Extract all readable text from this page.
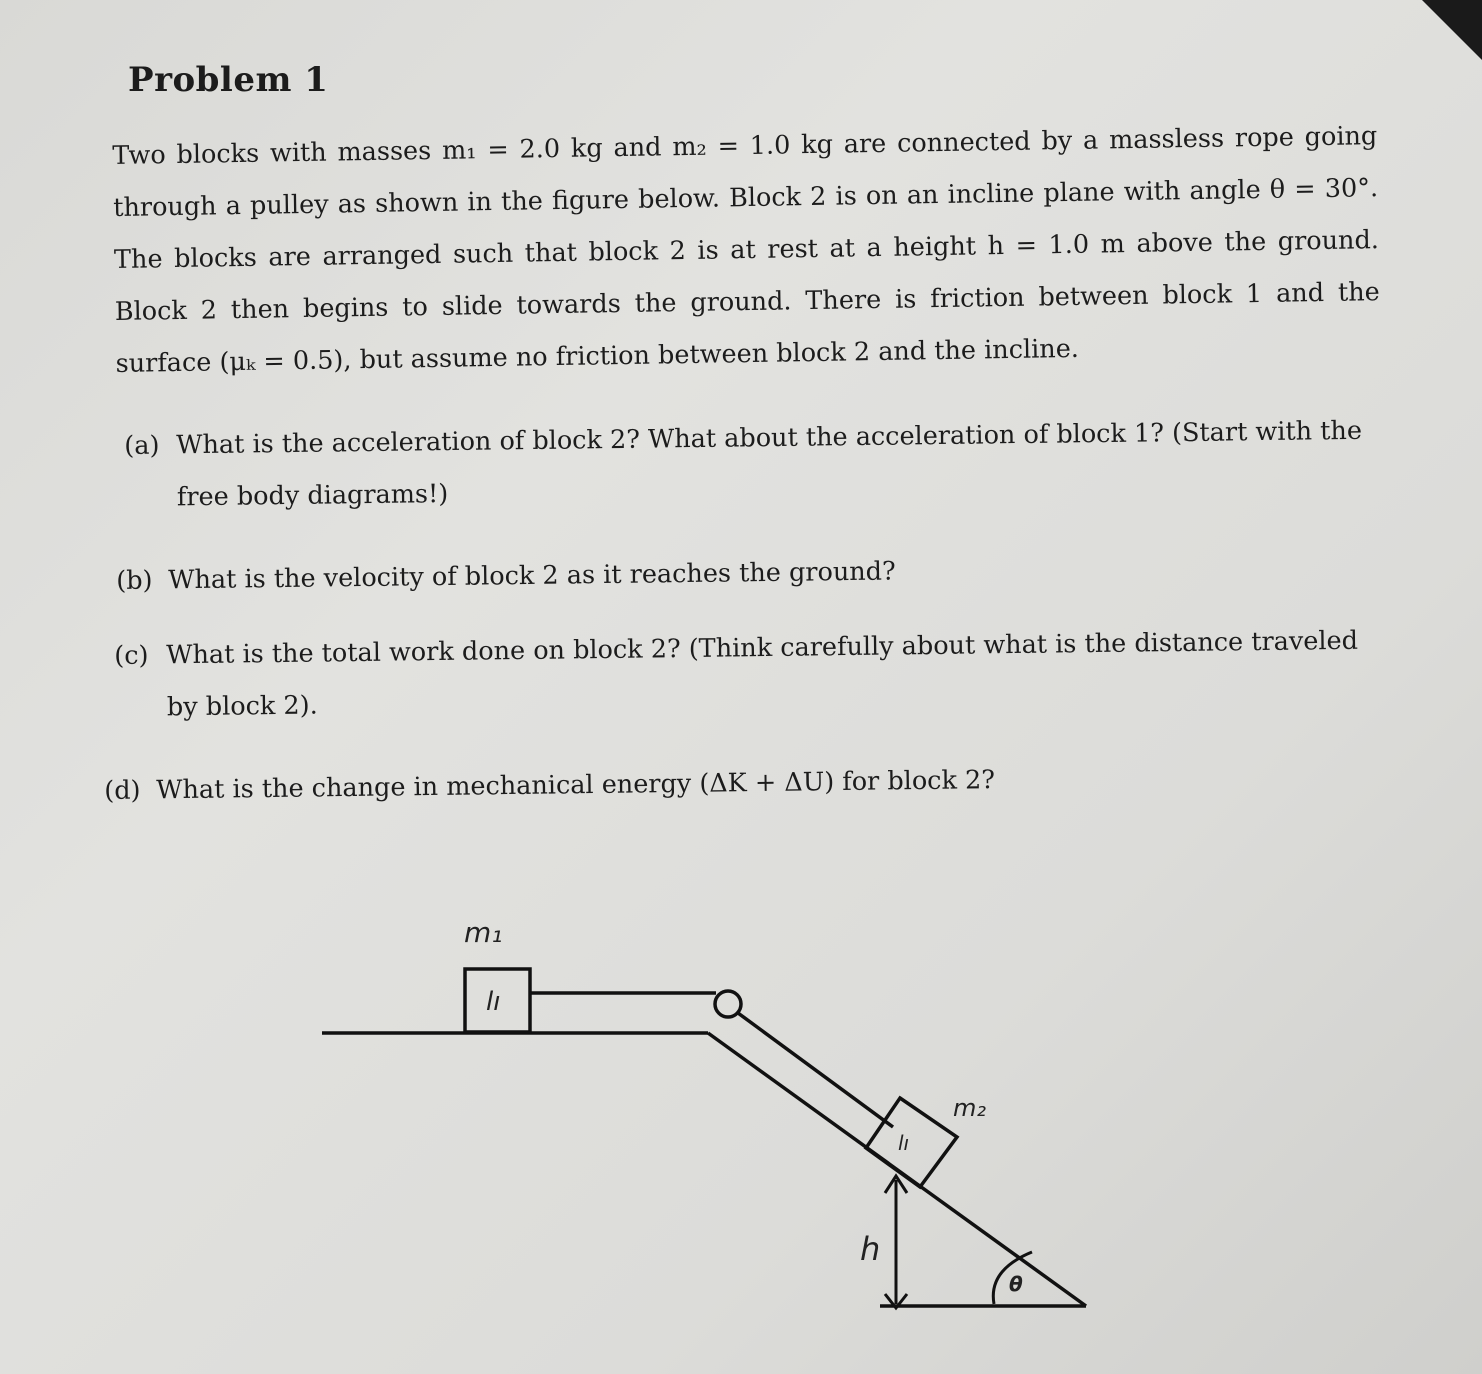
Problem 1
Two blocks with masses m₁ = 2.0 kg and m₂ = 1.0 kg are connected by a massless rope going through a pulley as shown in the figure below. Block 2 is on an incline plane with angle θ = 30°. The blocks are arranged such that block 2 is at rest at a height h = 1.0 m above the ground. Block 2 then begins to slide towards the ground. There is friction between block 1 and the surface (μₖ = 0.5), but assume no friction between block 2 and the incline.
(a) What is the acceleration of block 2? What about the acceleration of block 1? (Start with the
free body diagrams!)
(b) What is the velocity of block 2 as it reaches the ground?
(c) What is the total work done on block 2? (Think carefully about what is the distance traveled
by block 2).
(d) What is the change in mechanical energy (ΔK + ΔU) for block 2?
m₁
lı
m₂
lı
h
θ
